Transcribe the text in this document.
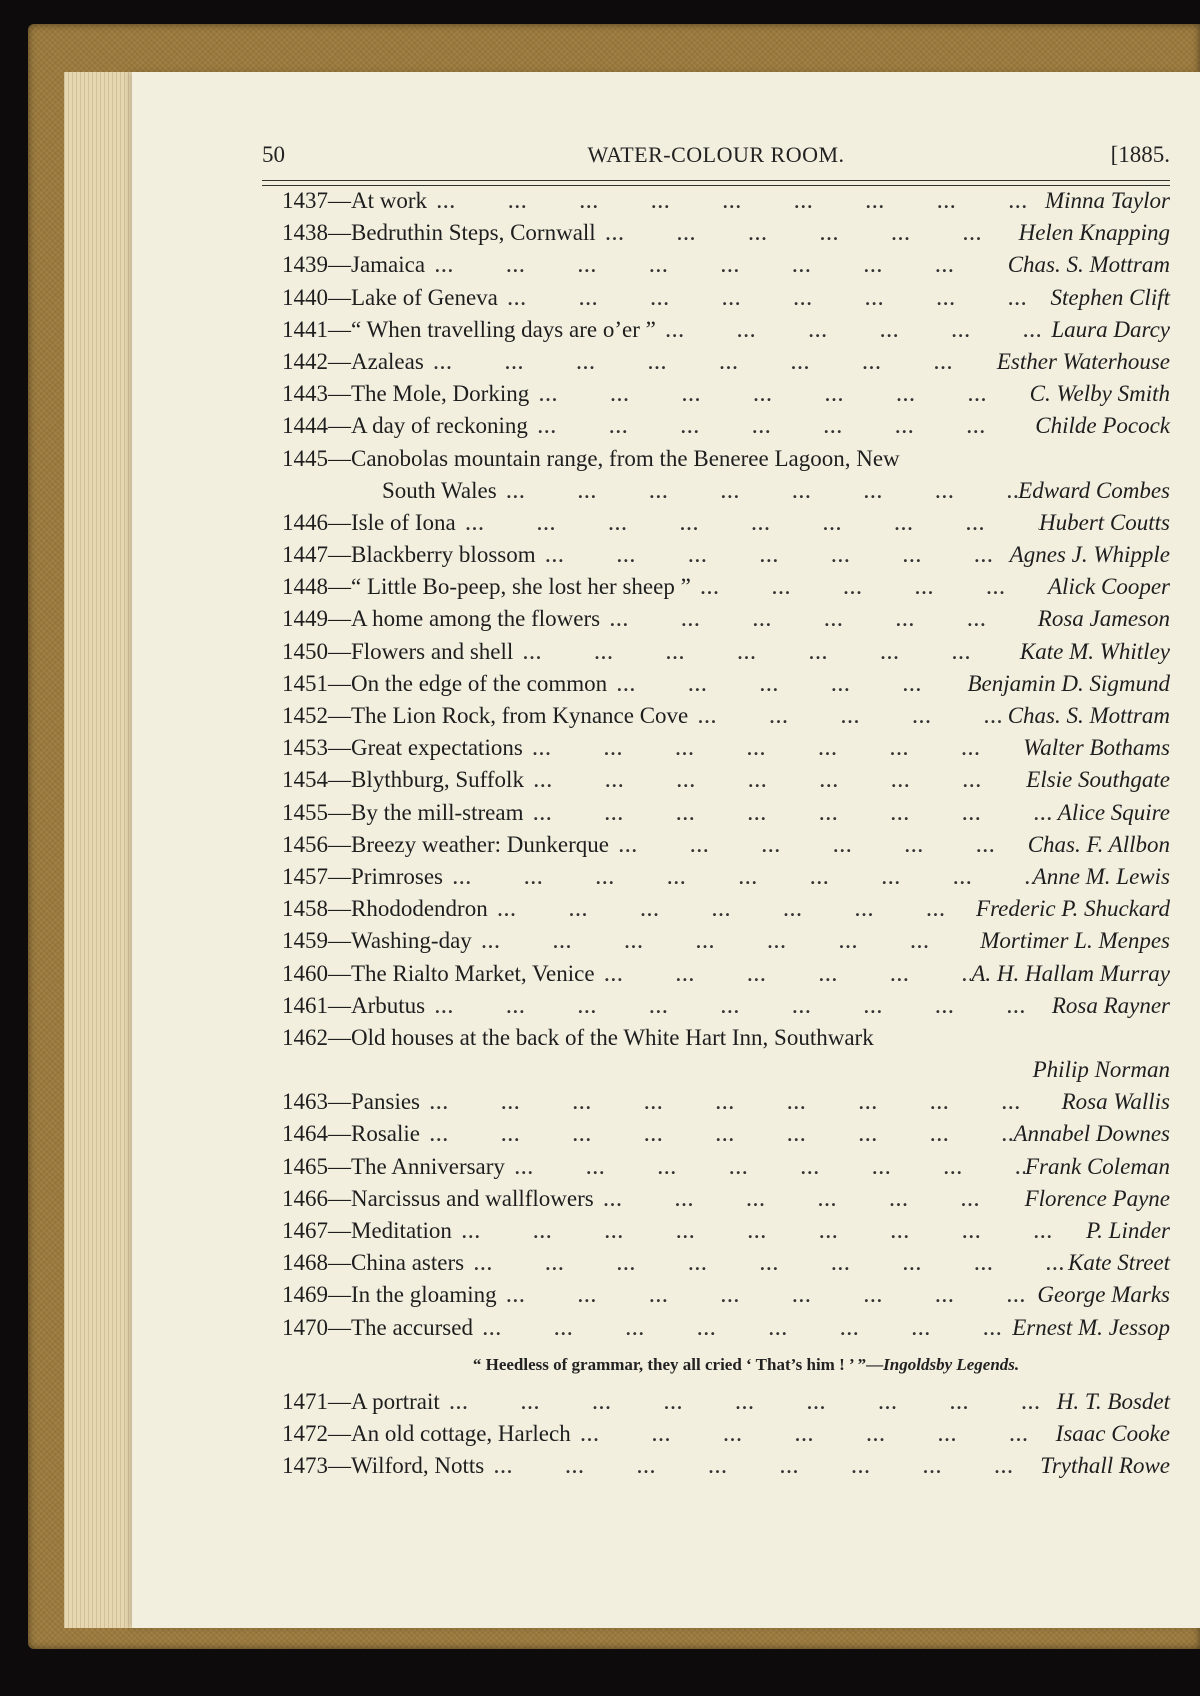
50	WATER-COLOUR ROOM.	[1885.
1437 — At work ...	Minna Taylor
1438 — Bedruthin Steps, Cornwall ...	Helen Knapping
1439 — Jamaica ...	Chas. S. Mottram
1440 — Lake of Geneva ...	Stephen Clift
1441 — “ When travelling days are o’er ” ...	Laura Darcy
1442 — Azaleas ...	Esther Waterhouse
1443 — The Mole, Dorking ...	C. Welby Smith
1444 — A day of reckoning ...	Childe Pocock
1445 — Canobolas mountain range, from the Beneree Lagoon, New
South Wales ...	Edward Combes
1446 — Isle of Iona ...	Hubert Coutts
1447 — Blackberry blossom ...	Agnes J. Whipple
1448 — “ Little Bo-peep, she lost her sheep ” ...	Alick Cooper
1449 — A home among the flowers ...	Rosa Jameson
1450 — Flowers and shell ...	Kate M. Whitley
1451 — On the edge of the common ...	Benjamin D. Sigmund
1452 — The Lion Rock, from Kynance Cove ...	Chas. S. Mottram
1453 — Great expectations ...	Walter Bothams
1454 — Blythburg, Suffolk ...	Elsie Southgate
1455 — By the mill-stream ...	Alice Squire
1456 — Breezy weather: Dunkerque ...	Chas. F. Allbon
1457 — Primroses ...	Anne M. Lewis
1458 — Rhododendron ...	Frederic P. Shuckard
1459 — Washing-day ...	Mortimer L. Menpes
1460 — The Rialto Market, Venice ...	A. H. Hallam Murray
1461 — Arbutus ...	Rosa Rayner
1462 — Old houses at the back of the White Hart Inn, Southwark
Philip Norman
1463 — Pansies ...	Rosa Wallis
1464 — Rosalie ...	Annabel Downes
1465 — The Anniversary ...	Frank Coleman
1466 — Narcissus and wallflowers ...	Florence Payne
1467 — Meditation ...	P. Linder
1468 — China asters ...	Kate Street
1469 — In the gloaming ...	George Marks
1470 — The accursed ...	Ernest M. Jessop
“ Heedless of grammar, they all cried ‘ That’s him ! ’ ”—Ingoldsby Legends.
1471 — A portrait ...	H. T. Bosdet
1472 — An old cottage, Harlech ...	Isaac Cooke
1473 — Wilford, Notts ...	Trythall Rowe
